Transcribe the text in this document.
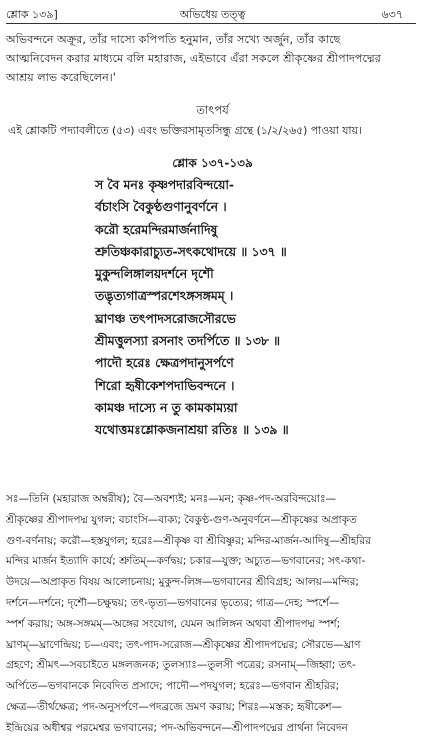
শ্লোক ১৩৯]	অভিধেয় তত্ত্ব	৬৩৭
অভিবন্দনে অক্রূর, তাঁর দাস্যে কপিপতি হনুমান, তাঁর সখ্যে অর্জুন, তাঁর কাছে
আত্মনিবেদন করার মাধ্যমে বলি মহারাজ, এইভাবে এঁরা সকলে শ্রীকৃষ্ণের শ্রীপাদপদ্মের
আশ্রয় লাভ করেছিলেন।'
তাৎপর্য
এই শ্লোকটি পদ্যাবলীতে (৫৩) এবং ভক্তিরসামৃতসিন্ধু গ্রন্থে (১/২/২৬৫) পাওয়া যায়।
শ্লোক ১৩৭-১৩৯
স বৈ মনঃ কৃষ্ণপদারবিন্দয়ো-
র্বচাংসি বৈকুণ্ঠগুণানুবর্ণনে ।
করৌ হরেমন্দিরমার্জনাদিষু
শ্রুতিঞ্চকারাচ্যুত-সৎকথোদয়ে ॥ ১৩৭ ॥
মুকুন্দলিঙ্গালয়দর্শনে দৃশৌ
তদ্ভৃত্যগাত্রস্পরশেঽঙ্গসঙ্গমম্ ।
ঘ্রাণঞ্চ তৎপাদসরোজসৌরভে
শ্রীমত্তুলস্যা রসনাং তদর্পিতে ॥ ১৩৮ ॥
পাদৌ হরেঃ ক্ষেত্রপদানুসর্পণে
শিরো হৃষীকেশপদাভিবন্দনে ।
কামঞ্চ দাস্যে ন তু কামকাম্যয়া
যথোত্তমঃশ্লোকজনাশ্রয়া রতিঃ ॥ ১৩৯ ॥
সঃ—তিনি (মহারাজ অম্বরীষ); বৈ—অবশ্যই; মনঃ—মন; কৃষ্ণ-পদ-অরবিন্দয়োঃ—
শ্রীকৃষ্ণের শ্রীপাদপদ্ম যুগল; বচাংসি—বাক্য; বৈকুণ্ঠ-গুণ-অনুবর্ণনে—শ্রীকৃষ্ণের অপ্রাকৃত
গুণ-বর্ণনায়; করৌ—হস্তযুগল; হরেঃ—শ্রীকৃষ্ণ বা শ্রীবিষ্ণুর; মন্দির-মার্জন-আদিষু—শ্রীহরির
মন্দির মার্জন ইত্যাদি কার্যে; শ্রুতিম্—কর্ণদ্বয়; চকার—যুক্ত; অচ্যুত—ভগবানের; সৎ-কথা-
উদয়ে—অপ্রাকৃত বিষয় আলোচনায়; মুকুন্দ-লিঙ্গ—ভগবানের শ্রীবিগ্রহ; আলয়—মন্দির;
দর্শনে—দর্শনে; দৃশৌ—চক্ষুদ্বয়; তৎ-ভৃত্য—ভগবানের ভৃত্যের; গাত্র—দেহ; স্পর্শে—
স্পর্শ করায়; অঙ্গ-সঙ্গমম্—অঙ্গের সংযোগ, যেমন আলিঙ্গন অথবা শ্রীপাদপদ্ম স্পর্শ;
ঘ্রাণম্—ঘ্রাণেন্দ্রিয়; চ—এবং; তৎ-পাদ-সরোজ—শ্রীকৃষ্ণের শ্রীপাদপদ্মের; সৌরভে—ঘ্রাণ
গ্রহণে; শ্রীমৎ—সবচাইতে মঙ্গলজনক; তুলস্যাঃ—তুলসী পত্রের; রসনাম্—জিহ্বা; তৎ-
অর্পিতে—ভগবানকে নিবেদিত প্রসাদে; পাদৌ—পদযুগল; হরেঃ—ভগবান শ্রীহরির;
ক্ষেত্র—তীর্থক্ষেত্র; পদ-অনুসর্পণে—পদব্রজে ভ্রমণ করায়; শিরঃ—মস্তক; হৃষীকেশ—
ইন্দ্রিয়ের অধীশ্বর পরমেশ্বর ভগবানের; পদ-অভিবন্দনে—শ্রীপাদপদ্মের প্রার্থনা নিবেদন
